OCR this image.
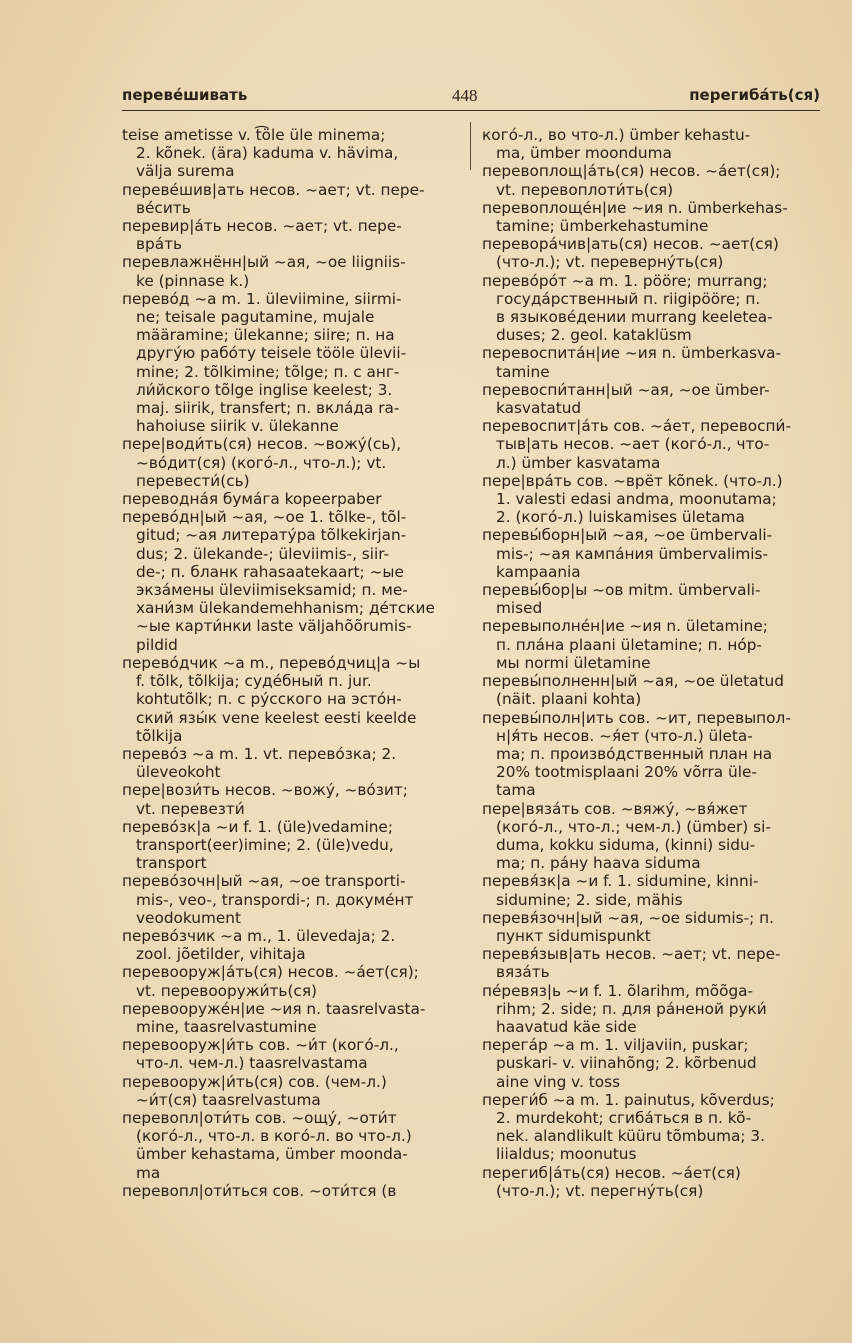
переве́шивать	448	перегиба́ть(ся)
teise ametisse v. t͡öle üle minema;
2. kõnek. (ära) kaduma v. hävima,
välja surema
переве́шив|ать несов. ~ает; vt. пере-
ве́сить
перевир|а́ть несов. ~ает; vt. пере-
вра́ть
перевлажнённ|ый ~ая, ~ое liigniis-
ke (pinnase k.)
перево́д ~а m. 1. üleviimine, siirmi-
ne; teisale pagutamine, mujale
määramine; ülekanne; siire; п. на
другу́ю рабо́ту teisele tööle ülevii-
mine; 2. tõlkimine; tõlge; п. с анг-
ли́йского tõlge inglise keelest; 3.
maj. siirik, transfert; п. вкла́да ra-
hahoiuse siirik v. ülekanne
пере|води́ть(ся) несов. ~вожу́(сь),
~во́дит(ся) (кого́-л., что-л.); vt.
перевести́(сь)
переводна́я бума́га kopeerpaber
перево́дн|ый ~ая, ~ое 1. tõlke-, tõl-
gitud; ~ая литерату́ра tõlkekirjan-
dus; 2. ülekande-; üleviimis-, siir-
de-; п. бланк rahasaatekaart; ~ые
экза́мены üleviimiseksamid; п. ме-
хани́зм ülekandemehhanism; де́тские
~ые карти́нки laste väljahõõrumis-
pildid
перево́дчик ~а m., перево́дчиц|а ~ы
f. tõlk, tõlkija; суде́бный п. jur.
kohtutõlk; п. с ру́сского на эсто́н-
ский язы́к vene keelest eesti keelde
tõlkija
перево́з ~а m. 1. vt. перево́зка; 2.
üleveokoht
пере|вози́ть несов. ~вожу́, ~во́зит;
vt. перевезти́
перево́зк|а ~и f. 1. (üle)vedamine;
transport(eer)imine; 2. (üle)vedu,
transport
перево́зочн|ый ~ая, ~ое transporti-
mis-, veo-, transpordi-; п. докуме́нт
veodokument
перево́зчик ~а m., 1. ülevedaja; 2.
zool. jõetilder, vihitaja
перевооруж|а́ть(ся) несов. ~а́ет(ся);
vt. перевооружи́ть(ся)
перевооруже́н|ие ~ия n. taasrelvasta-
mine, taasrelvastumine
перевооруж|и́ть сов. ~и́т (кого́-л.,
что-л. чем-л.) taasrelvastama
перевооруж|и́ть(ся) сов. (чем-л.)
~и́т(ся) taasrelvastuma
перевопл|оти́ть сов. ~ощу́, ~оти́т
(кого́-л., что-л. в кого́-л. во что-л.)
ümber kehastama, ümber moonda-
ma
перевопл|оти́ться сов. ~оти́тся (в
кого́-л., во что-л.) ümber kehastu-
ma, ümber moonduma
перевоплощ|а́ть(ся) несов. ~а́ет(ся);
vt. перевоплоти́ть(ся)
перевоплоще́н|ие ~ия n. ümberkehas-
tamine; ümberkehastumine
перевора́чив|ать(ся) несов. ~ает(ся)
(что-л.); vt. переверну́ть(ся)
перево́ро́т ~а m. 1. pööre; murrang;
госуда́рственный п. riigipööre; п.
в языкове́дении murrang keeletea-
duses; 2. geol. kataklüsm
перевоспита́н|ие ~ия n. ümberkasva-
tamine
перевоспи́танн|ый ~ая, ~ое ümber-
kasvatatud
перевоспит|а́ть сов. ~а́ет, перевоспи́-
тыв|ать несов. ~ает (кого́-л., что-
л.) ümber kasvatama
пере|вра́ть сов. ~врёт kõnek. (что-л.)
1. valesti edasi andma, moonutama;
2. (кого́-л.) luiskamises ületama
перевы́борн|ый ~ая, ~ое ümbervali-
mis-; ~ая кампа́ния ümbervalimis-
kampaania
перевы́бор|ы ~ов mitm. ümbervali-
mised
перевыполне́н|ие ~ия n. ületamine;
п. пла́на plaani ületamine; п. но́р-
мы normi ületamine
перевы́полненн|ый ~ая, ~ое ületatud
(näit. plaani kohta)
перевы́полн|ить сов. ~ит, перевыпол-
н|я́ть несов. ~я́ет (что-л.) ületa-
ma; п. произво́дственный план на
20% tootmisplaani 20% võrra üle-
tama
пере|вяза́ть сов. ~вяжу́, ~вя́жет
(кого́-л., что-л.; чем-л.) (ümber) si-
duma, kokku siduma, (kinni) sidu-
ma; п. ра́ну haava siduma
перевя́зк|а ~и f. 1. sidumine, kinni-
sidumine; 2. side, mähis
перевя́зочн|ый ~ая, ~ое sidumis-; п.
пункт sidumispunkt
перевя́зыв|ать несов. ~ает; vt. пере-
вяза́ть
пе́ревяз|ь ~и f. 1. õlarihm, mõõga-
rihm; 2. side; п. для ра́неной руки́
haavatud käe side
перега́р ~а m. 1. viljaviin, puskar;
puskari- v. viinahõng; 2. kõrbenud
aine ving v. toss
переги́б ~а m. 1. painutus, kõverdus;
2. murdekoht; сгиба́ться в п. kõ-
nek. alandlikult küüru tõmbuma; 3.
liialdus; moonutus
перегиб|а́ть(ся) несов. ~а́ет(ся)
(что-л.); vt. перегну́ть(ся)
